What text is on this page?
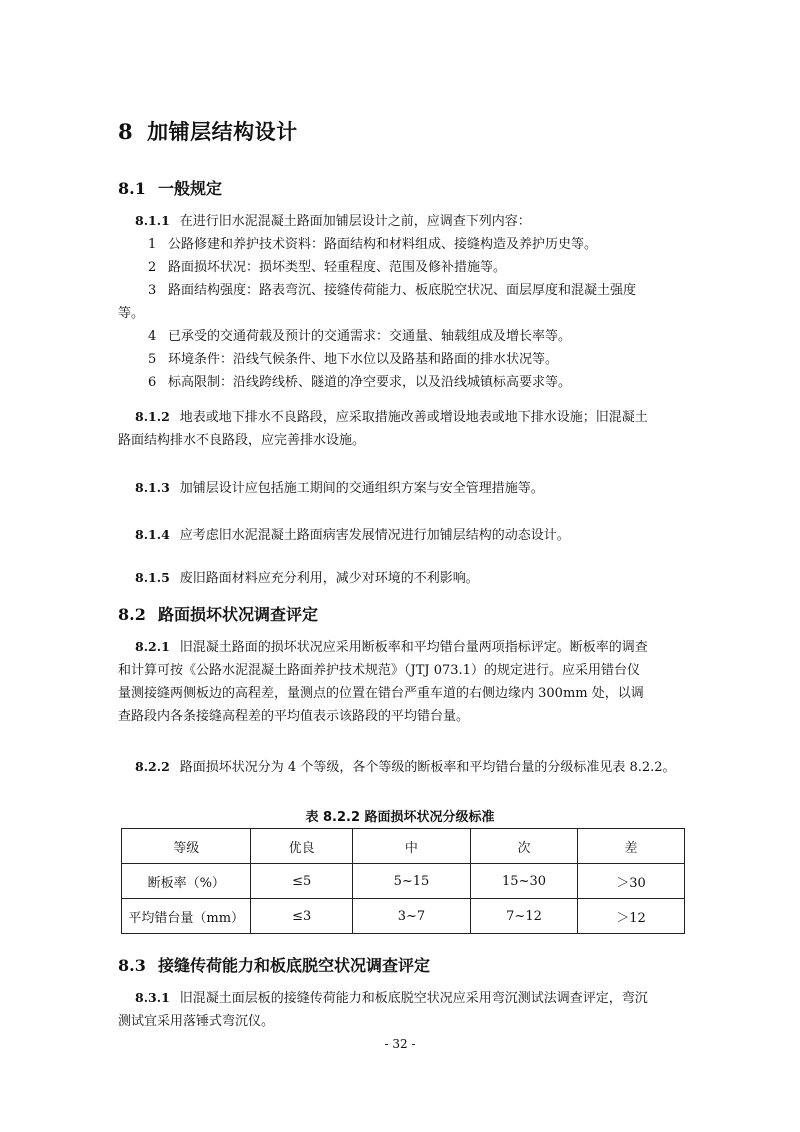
8 加铺层结构设计
8.1 一般规定
8.1.1 在进行旧水泥混凝土路面加铺层设计之前，应调查下列内容：
1 公路修建和养护技术资料：路面结构和材料组成、接缝构造及养护历史等。
2 路面损坏状况：损坏类型、轻重程度、范围及修补措施等。
3 路面结构强度：路表弯沉、接缝传荷能力、板底脱空状况、面层厚度和混凝土强度
等。
4 已承受的交通荷载及预计的交通需求：交通量、轴载组成及增长率等。
5 环境条件：沿线气候条件、地下水位以及路基和路面的排水状况等。
6 标高限制：沿线跨线桥、隧道的净空要求，以及沿线城镇标高要求等。
8.1.2 地表或地下排水不良路段，应采取措施改善或增设地表或地下排水设施；旧混凝土
路面结构排水不良路段，应完善排水设施。
8.1.3 加铺层设计应包括施工期间的交通组织方案与安全管理措施等。
8.1.4 应考虑旧水泥混凝土路面病害发展情况进行加铺层结构的动态设计。
8.1.5 废旧路面材料应充分利用，减少对环境的不利影响。
8.2 路面损坏状况调查评定
8.2.1 旧混凝土路面的损坏状况应采用断板率和平均错台量两项指标评定。断板率的调查
和计算可按《公路水泥混凝土路面养护技术规范》（JTJ 073.1）的规定进行。应采用错台仪
量测接缝两侧板边的高程差，量测点的位置在错台严重车道的右侧边缘内 300mm 处，以调
查路段内各条接缝高程差的平均值表示该路段的平均错台量。
8.2.2 路面损坏状况分为 4 个等级，各个等级的断板率和平均错台量的分级标准见表 8.2.2。
表 8.2.2 路面损坏状况分级标准
等级	优良	中	次	差
断板率（%）	≤5	5~15	15~30	＞30
平均错台量（mm）	≤3	3~7	7~12	＞12
8.3 接缝传荷能力和板底脱空状况调查评定
8.3.1 旧混凝土面层板的接缝传荷能力和板底脱空状况应采用弯沉测试法调查评定，弯沉
测试宜采用落锤式弯沉仪。
- 32 -
